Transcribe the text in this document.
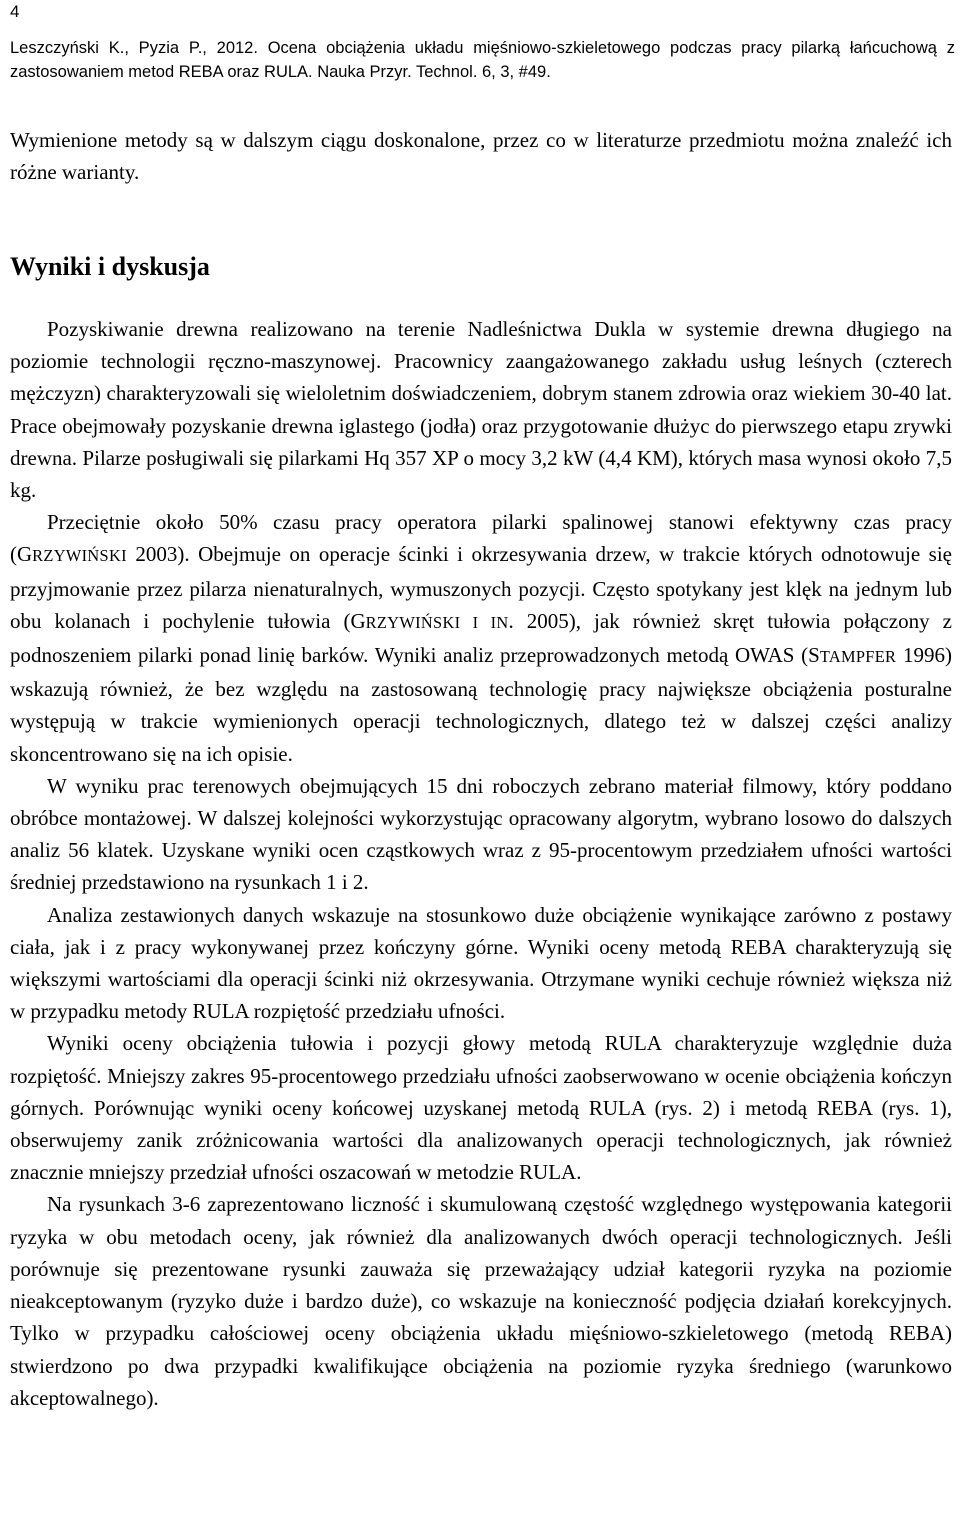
4
Leszczyński K., Pyzia P., 2012. Ocena obciążenia układu mięśniowo-szkieletowego podczas pracy pilarką łańcuchową z zastosowaniem metod REBA oraz RULA. Nauka Przyr. Technol. 6, 3, #49.

Wymienione metody są w dalszym ciągu doskonalone, przez co w literaturze przedmiotu można znaleźć ich różne warianty.

Wyniki i dyskusja

Pozyskiwanie drewna realizowano na terenie Nadleśnictwa Dukla w systemie drewna długiego na poziomie technologii ręczno-maszynowej. Pracownicy zaangażowanego zakładu usług leśnych (czterech mężczyzn) charakteryzowali się wieloletnim doświadczeniem, dobrym stanem zdrowia oraz wiekiem 30-40 lat. Prace obejmowały pozyskanie drewna iglastego (jodła) oraz przygotowanie dłużyc do pierwszego etapu zrywki drewna. Pilarze posługiwali się pilarkami Hq 357 XP o mocy 3,2 kW (4,4 KM), których masa wynosi około 7,5 kg.

Przeciętnie około 50% czasu pracy operatora pilarki spalinowej stanowi efektywny czas pracy (GRZYWIŃSKI 2003). Obejmuje on operacje ścinki i okrzesywania drzew, w trakcie których odnotowuje się przyjmowanie przez pilarza nienaturalnych, wymuszonych pozycji. Często spotykany jest klęk na jednym lub obu kolanach i pochylenie tułowia (GRZYWIŃSKI I IN. 2005), jak również skręt tułowia połączony z podnoszeniem pilarki ponad linię barków. Wyniki analiz przeprowadzonych metodą OWAS (STAMPFER 1996) wskazują również, że bez względu na zastosowaną technologię pracy największe obciążenia posturalne występują w trakcie wymienionych operacji technologicznych, dlatego też w dalszej części analizy skoncentrowano się na ich opisie.

W wyniku prac terenowych obejmujących 15 dni roboczych zebrano materiał filmowy, który poddano obróbce montażowej. W dalszej kolejności wykorzystując opracowany algorytm, wybrano losowo do dalszych analiz 56 klatek. Uzyskane wyniki ocen cząstkowych wraz z 95-procentowym przedziałem ufności wartości średniej przedstawiono na rysunkach 1 i 2.

Analiza zestawionych danych wskazuje na stosunkowo duże obciążenie wynikające zarówno z postawy ciała, jak i z pracy wykonywanej przez kończyny górne. Wyniki oceny metodą REBA charakteryzują się większymi wartościami dla operacji ścinki niż okrzesywania. Otrzymane wyniki cechuje również większa niż w przypadku metody RULA rozpiętość przedziału ufności.

Wyniki oceny obciążenia tułowia i pozycji głowy metodą RULA charakteryzuje względnie duża rozpiętość. Mniejszy zakres 95-procentowego przedziału ufności zaobserwowano w ocenie obciążenia kończyn górnych. Porównując wyniki oceny końcowej uzyskanej metodą RULA (rys. 2) i metodą REBA (rys. 1), obserwujemy zanik zróżnicowania wartości dla analizowanych operacji technologicznych, jak również znacznie mniejszy przedział ufności oszacowań w metodzie RULA.

Na rysunkach 3-6 zaprezentowano liczność i skumulowaną częstość względnego występowania kategorii ryzyka w obu metodach oceny, jak również dla analizowanych dwóch operacji technologicznych. Jeśli porównuje się prezentowane rysunki zauważa się przeważający udział kategorii ryzyka na poziomie nieakceptowanym (ryzyko duże i bardzo duże), co wskazuje na konieczność podjęcia działań korekcyjnych. Tylko w przypadku całościowej oceny obciążenia układu mięśniowo-szkieletowego (metodą REBA) stwierdzono po dwa przypadki kwalifikujące obciążenia na poziomie ryzyka średniego (warunkowo akceptowalnego).
